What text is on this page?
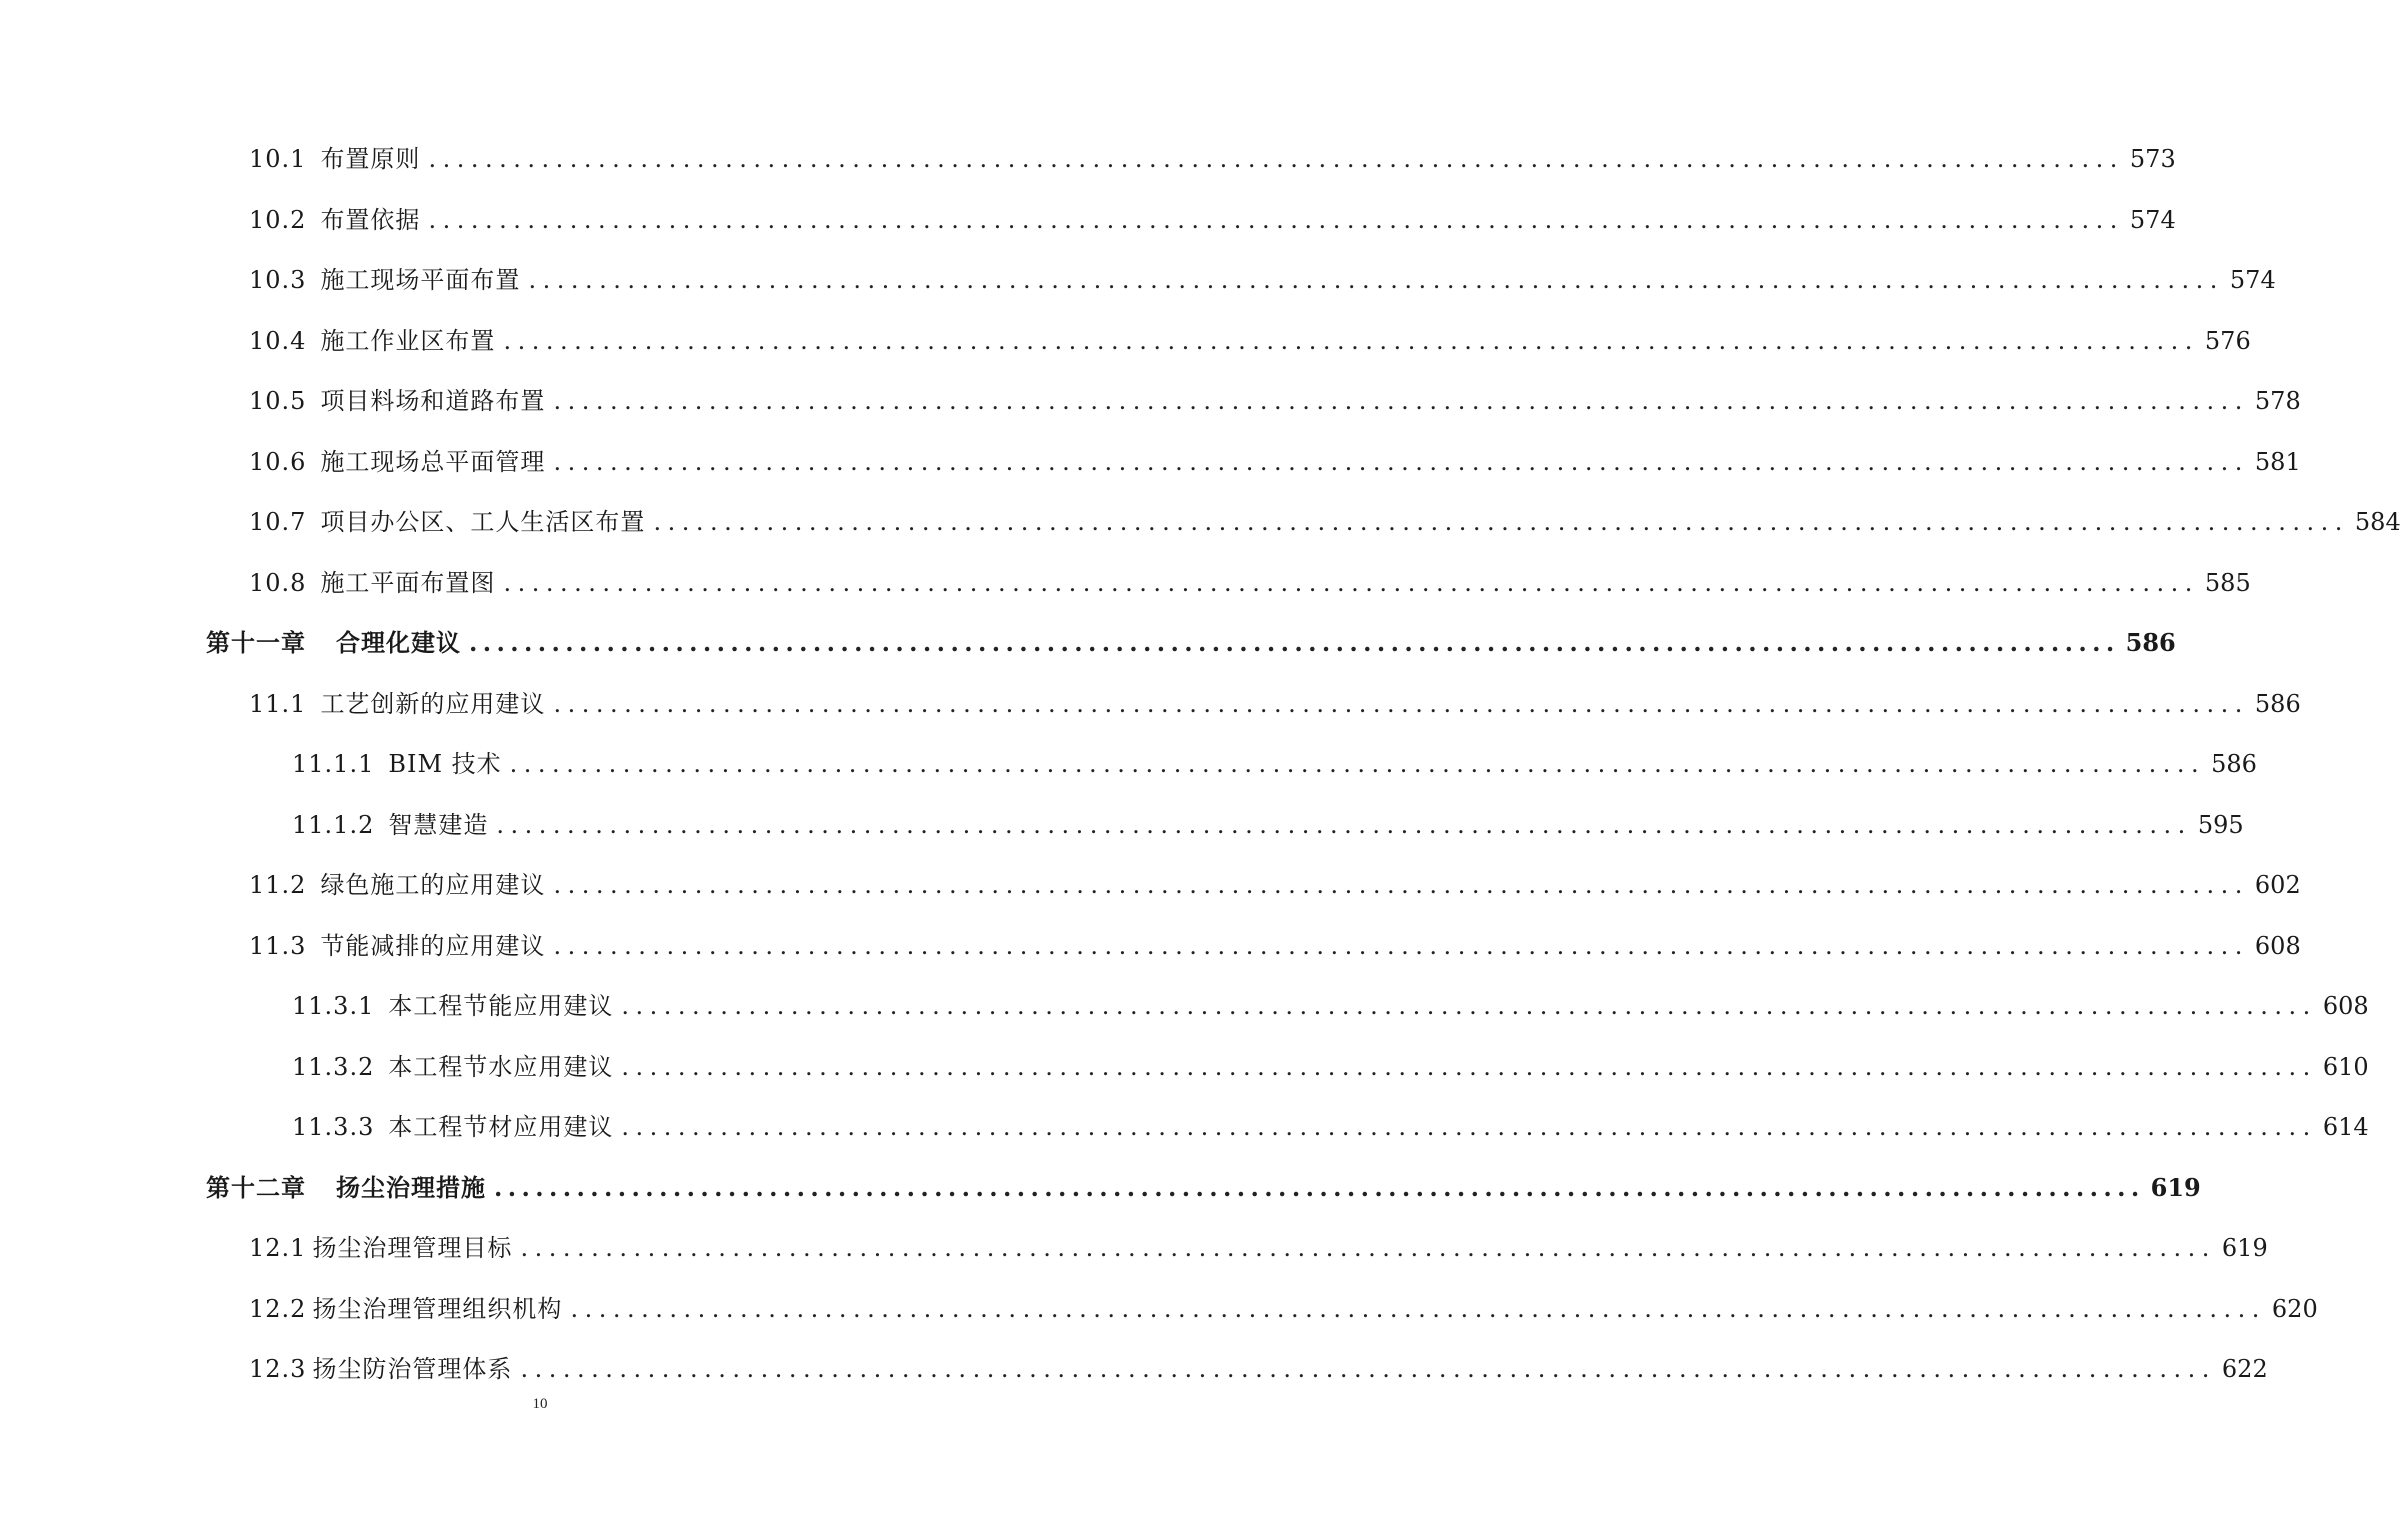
10.1 布置原则 ........................................................................................................................ 573
10.2 布置依据 ........................................................................................................................ 574
10.3 施工现场平面布置 ........................................................................................................................ 574
10.4 施工作业区布置 ........................................................................................................................ 576
10.5 项目料场和道路布置 ........................................................................................................................ 578
10.6 施工现场总平面管理 ........................................................................................................................ 581
10.7 项目办公区、工人生活区布置 ........................................................................................................................ 584
10.8 施工平面布置图 ........................................................................................................................ 585
第十一章 合理化建议 ........................................................................................................................ 586
11.1 工艺创新的应用建议 ........................................................................................................................ 586
11.1.1 BIM 技术 ........................................................................................................................ 586
11.1.2 智慧建造 ........................................................................................................................ 595
11.2 绿色施工的应用建议 ........................................................................................................................ 602
11.3 节能减排的应用建议 ........................................................................................................................ 608
11.3.1 本工程节能应用建议 ........................................................................................................................ 608
11.3.2 本工程节水应用建议 ........................................................................................................................ 610
11.3.3 本工程节材应用建议 ........................................................................................................................ 614
第十二章 扬尘治理措施 ........................................................................................................................ 619
12.1 扬尘治理管理目标 ........................................................................................................................ 619
12.2 扬尘治理管理组织机构 ........................................................................................................................ 620
12.3 扬尘防治管理体系 ........................................................................................................................ 622
10
